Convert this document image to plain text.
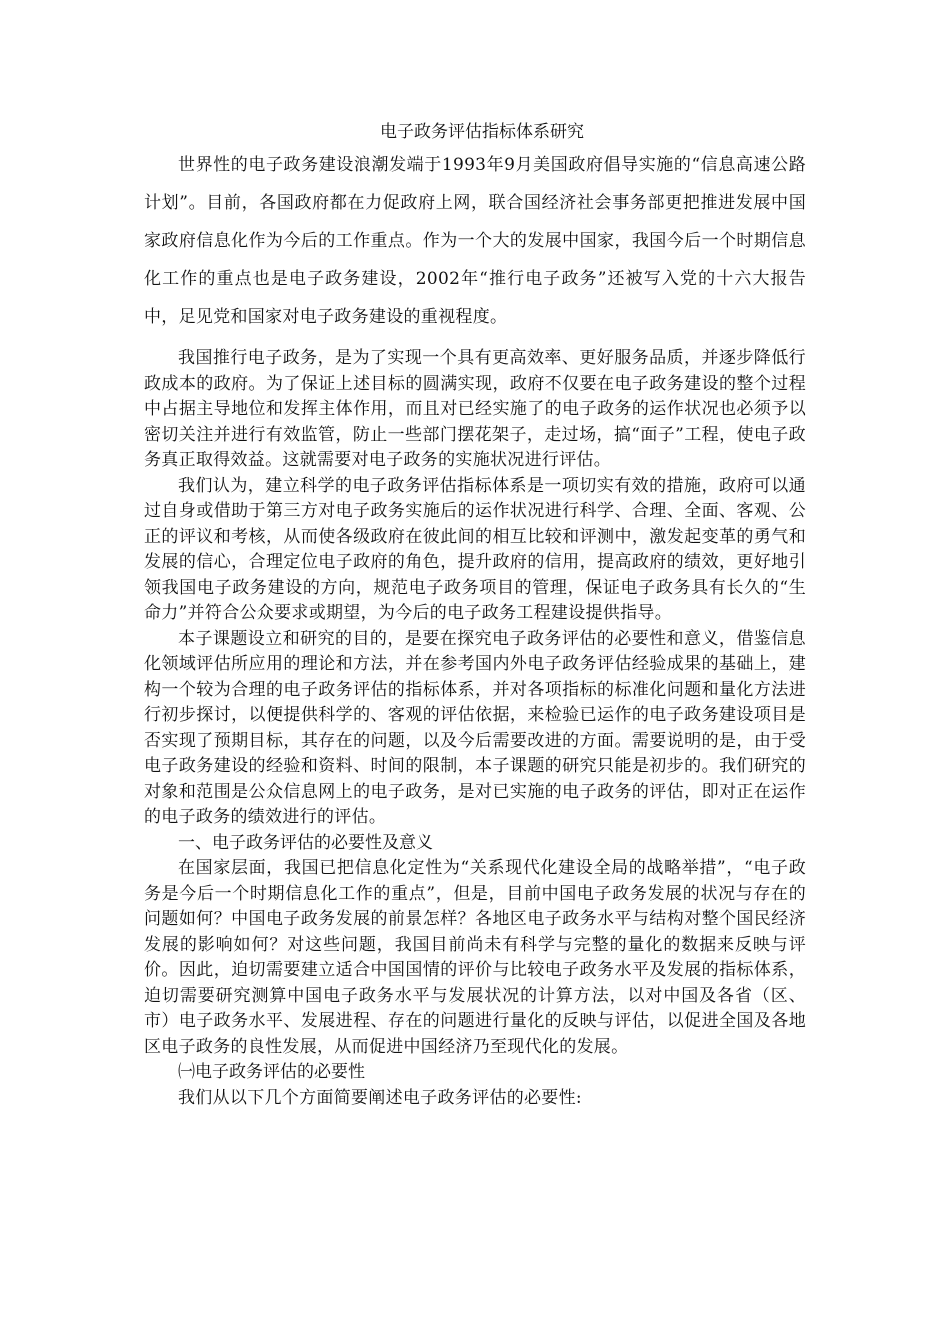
电子政务评估指标体系研究

世界性的电子政务建设浪潮发端于1993年9月美国政府倡导实施的“信息高速公路计划”。目前，各国政府都在力促政府上网，联合国经济社会事务部更把推进发展中国家政府信息化作为今后的工作重点。作为一个大的发展中国家，我国今后一个时期信息化工作的重点也是电子政务建设，2002年“推行电子政务”还被写入党的十六大报告中，足见党和国家对电子政务建设的重视程度。

我国推行电子政务，是为了实现一个具有更高效率、更好服务品质，并逐步降低行政成本的政府。为了保证上述目标的圆满实现，政府不仅要在电子政务建设的整个过程中占据主导地位和发挥主体作用，而且对已经实施了的电子政务的运作状况也必须予以密切关注并进行有效监管，防止一些部门摆花架子，走过场，搞“面子”工程，使电子政务真正取得效益。这就需要对电子政务的实施状况进行评估。

我们认为，建立科学的电子政务评估指标体系是一项切实有效的措施，政府可以通过自身或借助于第三方对电子政务实施后的运作状况进行科学、合理、全面、客观、公正的评议和考核，从而使各级政府在彼此间的相互比较和评测中，激发起变革的勇气和发展的信心，合理定位电子政府的角色，提升政府的信用，提高政府的绩效，更好地引领我国电子政务建设的方向，规范电子政务项目的管理，保证电子政务具有长久的“生命力”并符合公众要求或期望，为今后的电子政务工程建设提供指导。

本子课题设立和研究的目的，是要在探究电子政务评估的必要性和意义，借鉴信息化领域评估所应用的理论和方法，并在参考国内外电子政务评估经验成果的基础上，建构一个较为合理的电子政务评估的指标体系，并对各项指标的标准化问题和量化方法进行初步探讨，以便提供科学的、客观的评估依据，来检验已运作的电子政务建设项目是否实现了预期目标，其存在的问题，以及今后需要改进的方面。需要说明的是，由于受电子政务建设的经验和资料、时间的限制，本子课题的研究只能是初步的。我们研究的对象和范围是公众信息网上的电子政务，是对已实施的电子政务的评估，即对正在运作的电子政务的绩效进行的评估。

一、电子政务评估的必要性及意义

在国家层面，我国已把信息化定性为“关系现代化建设全局的战略举措”，“电子政务是今后一个时期信息化工作的重点”，但是，目前中国电子政务发展的状况与存在的问题如何？中国电子政务发展的前景怎样？各地区电子政务水平与结构对整个国民经济发展的影响如何？对这些问题，我国目前尚未有科学与完整的量化的数据来反映与评价。因此，迫切需要建立适合中国国情的评价与比较电子政务水平及发展的指标体系，迫切需要研究测算中国电子政务水平与发展状况的计算方法，以对中国及各省（区、市）电子政务水平、发展进程、存在的问题进行量化的反映与评估，以促进全国及各地区电子政务的良性发展，从而促进中国经济乃至现代化的发展。

㈠电子政务评估的必要性

我们从以下几个方面简要阐述电子政务评估的必要性:
